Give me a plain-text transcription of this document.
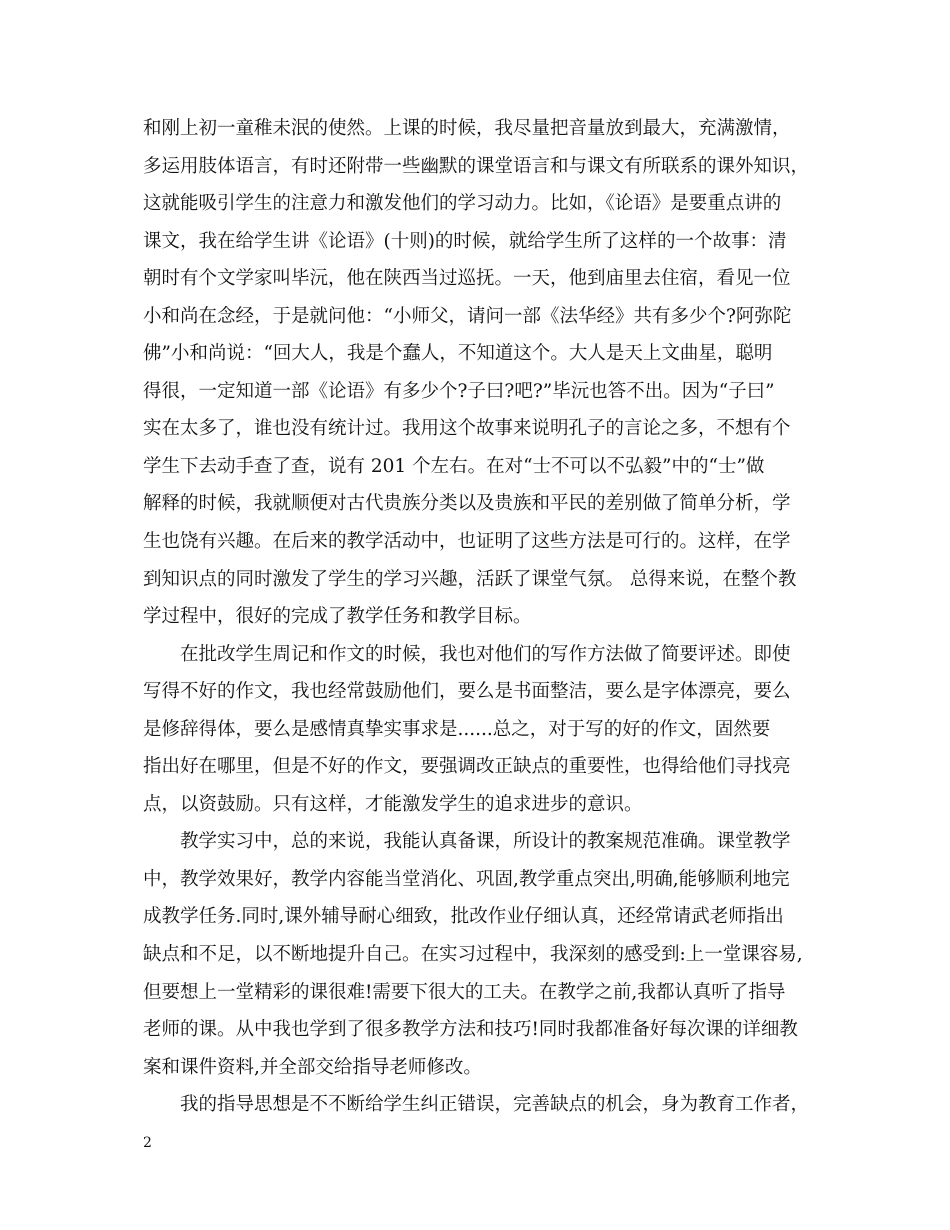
和刚上初一童稚未泯的使然。上课的时候，我尽量把音量放到最大，充满激情，
多运用肢体语言，有时还附带一些幽默的课堂语言和与课文有所联系的课外知识，
这就能吸引学生的注意力和激发他们的学习动力。比如，《论语》是要重点讲的
课文，我在给学生讲《论语》(十则)的时候，就给学生所了这样的一个故事：清
朝时有个文学家叫毕沅，他在陕西当过巡抚。一天，他到庙里去住宿，看见一位
小和尚在念经，于是就问他：“小师父，请问一部《法华经》共有多少个?阿弥陀
佛”小和尚说：“回大人，我是个蠢人，不知道这个。大人是天上文曲星，聪明
得很，一定知道一部《论语》有多少个?子曰?吧?”毕沅也答不出。因为“子曰”
实在太多了，谁也没有统计过。我用这个故事来说明孔子的言论之多，不想有个
学生下去动手查了查，说有 201 个左右。在对“士不可以不弘毅”中的“士”做
解释的时候，我就顺便对古代贵族分类以及贵族和平民的差别做了简单分析，学
生也饶有兴趣。在后来的教学活动中，也证明了这些方法是可行的。这样，在学
到知识点的同时激发了学生的学习兴趣，活跃了课堂气氛。 总得来说，在整个教
学过程中，很好的完成了教学任务和教学目标。
在批改学生周记和作文的时候，我也对他们的写作方法做了简要评述。即使
写得不好的作文，我也经常鼓励他们，要么是书面整洁，要么是字体漂亮，要么
是修辞得体，要么是感情真挚实事求是......总之，对于写的好的作文，固然要
指出好在哪里，但是不好的作文，要强调改正缺点的重要性，也得给他们寻找亮
点，以资鼓励。只有这样，才能激发学生的追求进步的意识。
教学实习中，总的来说，我能认真备课，所设计的教案规范准确。课堂教学
中，教学效果好，教学内容能当堂消化、巩固,教学重点突出,明确,能够顺利地完
成教学任务.同时,课外辅导耐心细致，批改作业仔细认真，还经常请武老师指出
缺点和不足，以不断地提升自己。在实习过程中，我深刻的感受到:上一堂课容易,
但要想上一堂精彩的课很难!需要下很大的工夫。在教学之前,我都认真听了指导
老师的课。从中我也学到了很多教学方法和技巧!同时我都准备好每次课的详细教
案和课件资料,并全部交给指导老师修改。
我的指导思想是不不断给学生纠正错误，完善缺点的机会，身为教育工作者，
2
